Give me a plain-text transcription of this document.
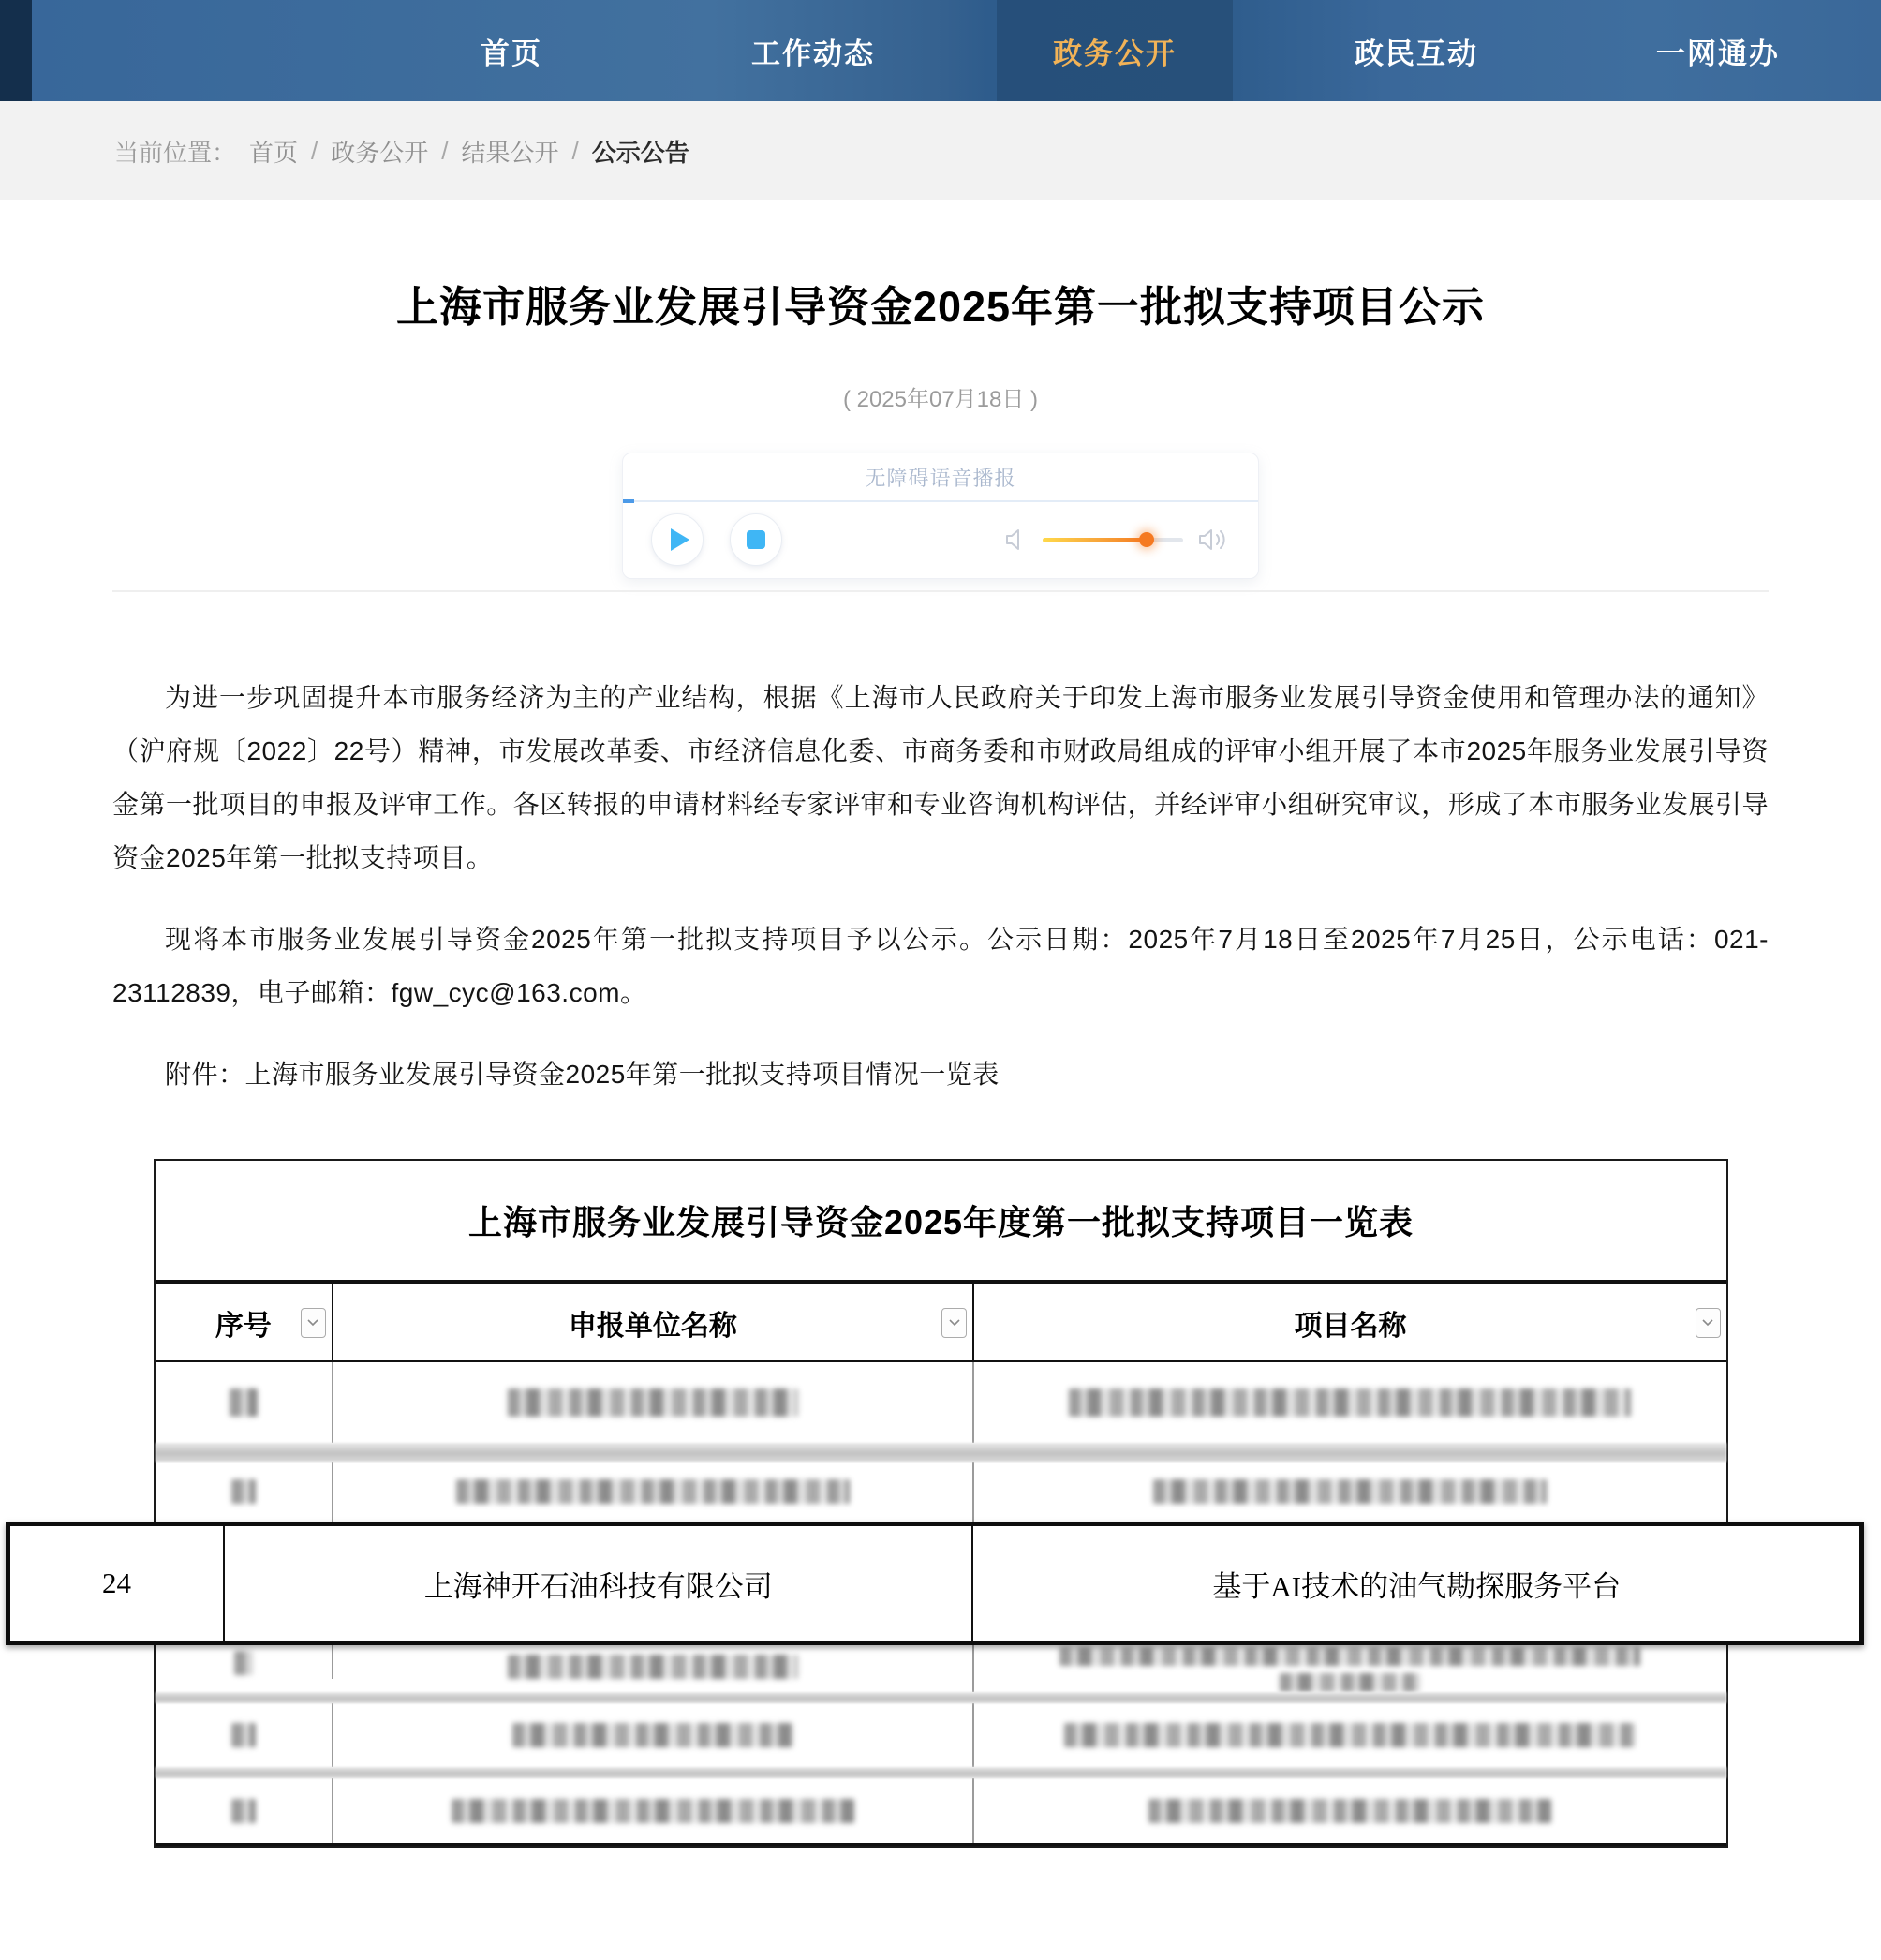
首页	工作动态	政务公开	政民互动	一网通办
当前位置： 首页 / 政务公开 / 结果公开 / 公示公告
上海市服务业发展引导资金2025年第一批拟支持项目公示
( 2025年07月18日 )
无障碍语音播报

为进一步巩固提升本市服务经济为主的产业结构，根据《上海市人民政府关于印发上海市服务业发展引导资金使用和管理办法的通知》（沪府规〔2022〕22号）精神，市发展改革委、市经济信息化委、市商务委和市财政局组成的评审小组开展了本市2025年服务业发展引导资金第一批项目的申报及评审工作。各区转报的申请材料经专家评审和专业咨询机构评估，并经评审小组研究审议，形成了本市服务业发展引导资金2025年第一批拟支持项目。

现将本市服务业发展引导资金2025年第一批拟支持项目予以公示。公示日期：2025年7月18日至2025年7月25日，公示电话：021-23112839，电子邮箱：fgw_cyc@163.com。

附件：上海市服务业发展引导资金2025年第一批拟支持项目情况一览表

上海市服务业发展引导资金2025年度第一批拟支持项目一览表
序号	申报单位名称	项目名称
24	上海神开石油科技有限公司	基于AI技术的油气勘探服务平台
